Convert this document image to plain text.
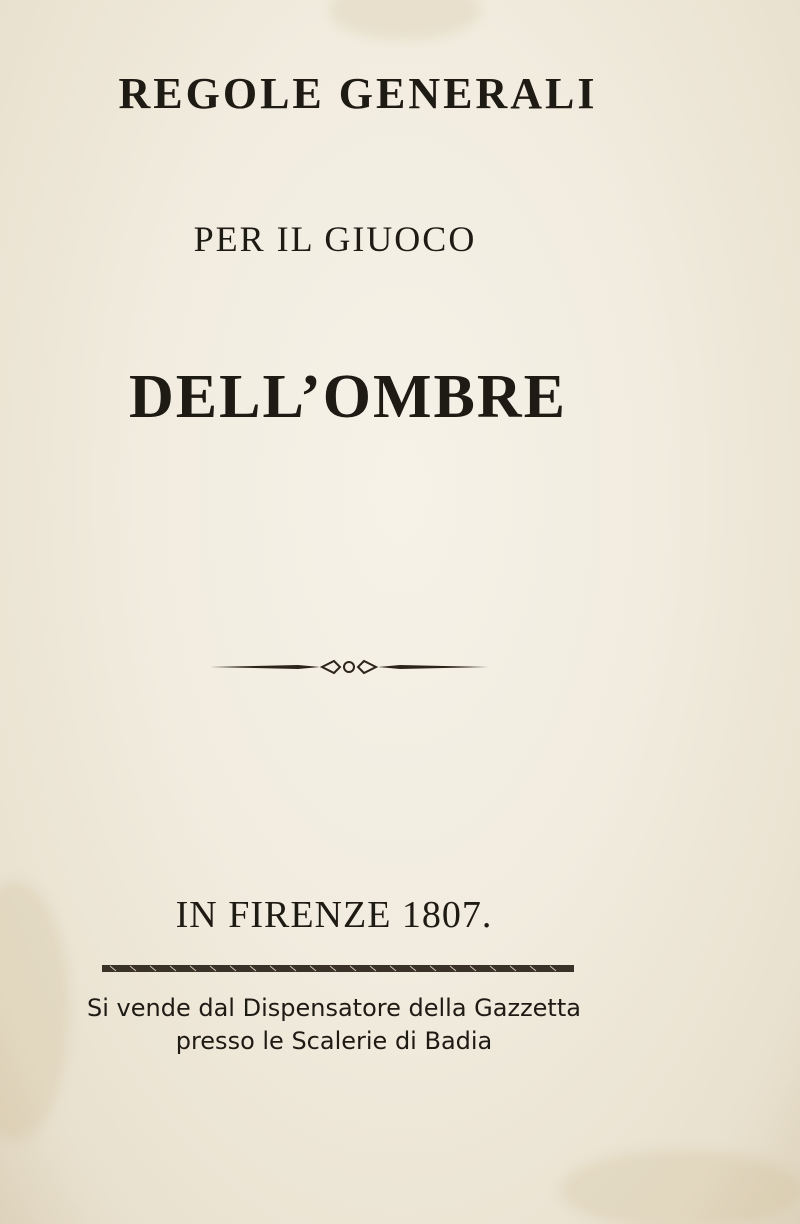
REGOLE GENERALI
PER IL GIUOCO
DELL’OMBRE
IN FIRENZE 1807.
Si vende dal Dispensatore della Gazzetta
presso le Scalerie di Badia
